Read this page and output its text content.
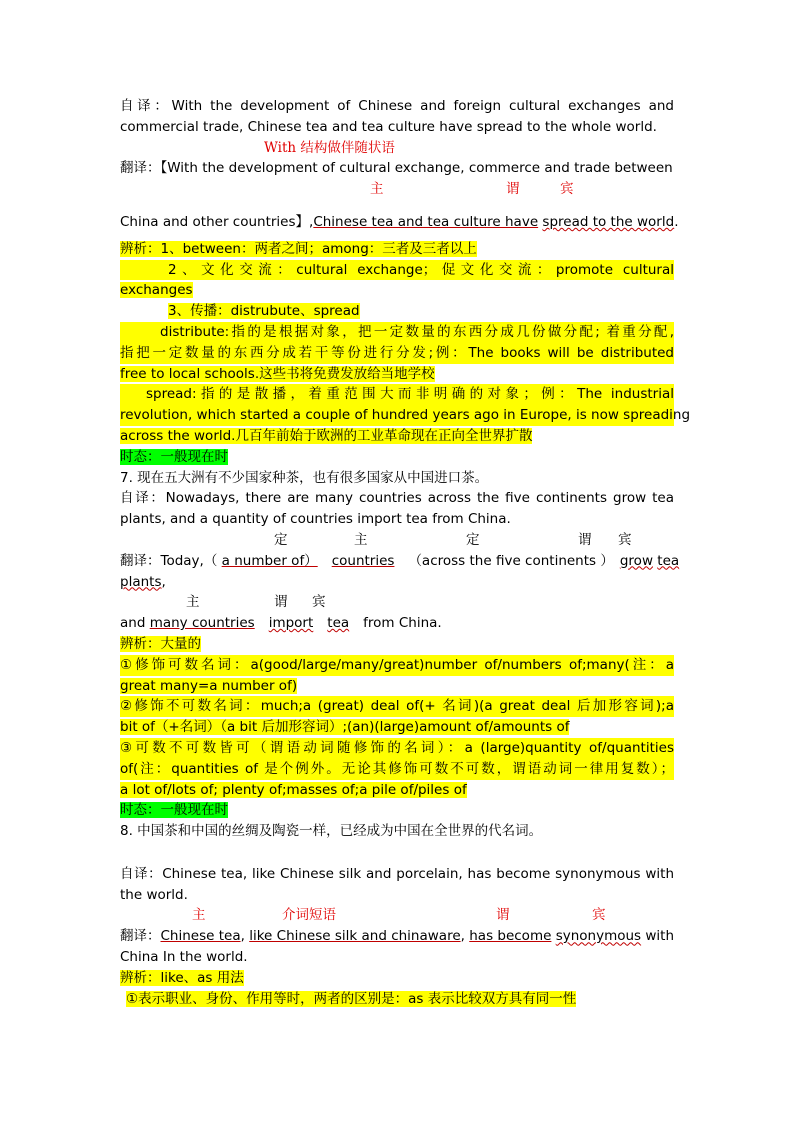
自译：With the development of Chinese and foreign cultural exchanges and
commercial trade, Chinese tea and tea culture have spread to the whole world.
With 结构做伴随状语
翻译：【With the development of cultural exchange, commerce and trade between
主	谓	宾
China and other countries】,Chinese tea and tea culture have spread to the world.
辨析：1、between：两者之间；among：三者及三者以上
2、文化交流：cultural exchange；促文化交流：promote cultural
exchanges
3、传播：distrubute、spread
distribute:指的是根据对象，把一定数量的东西分成几份做分配; 着重分配,
指把一定数量的东西分成若干等份进行分发;例：The books will be distributed
free to local schools.这些书将免费发放给当地学校
spread:指的是散播，着重范围大而非明确的对象；例：The industrial
revolution, which started a couple of hundred years ago in Europe, is now spreading
across the world.几百年前始于欧洲的工业革命现在正向全世界扩散
时态：一般现在时
7. 现在五大洲有不少国家种茶，也有很多国家从中国进口茶。
自译：Nowadays, there are many countries across the five continents grow tea
plants, and a quantity of countries import tea from China.
定	主	定	谓 宾
翻译：Today,（ a number of） countries （across the five continents ） grow tea
plants,
主	谓 宾
and many countries import tea from China.
辨析：大量的
①修饰可数名词：a(good/large/many/great)number of/numbers of;many(注：a
great many=a number of)
②修饰不可数名词：much;a (great) deal of(+ 名词)(a great deal 后加形容词);a
bit of（+名词）（a bit 后加形容词）;(an)(large)amount of/amounts of
③可数不可数皆可（谓语动词随修饰的名词）：a (large)quantity of/quantities
of(注：quantities of 是个例外。无论其修饰可数不可数，谓语动词一律用复数）；
a lot of/lots of; plenty of;masses of;a pile of/piles of
时态：一般现在时
8. 中国茶和中国的丝绸及陶瓷一样，已经成为中国在全世界的代名词。
自译：Chinese tea, like Chinese silk and porcelain, has become synonymous with
the world.
主	介词短语	谓	宾
翻译：Chinese tea, like Chinese silk and chinaware, has become synonymous with
China In the world.
辨析：like、as 用法
①表示职业、身份、作用等时，两者的区别是：as 表示比较双方具有同一性
